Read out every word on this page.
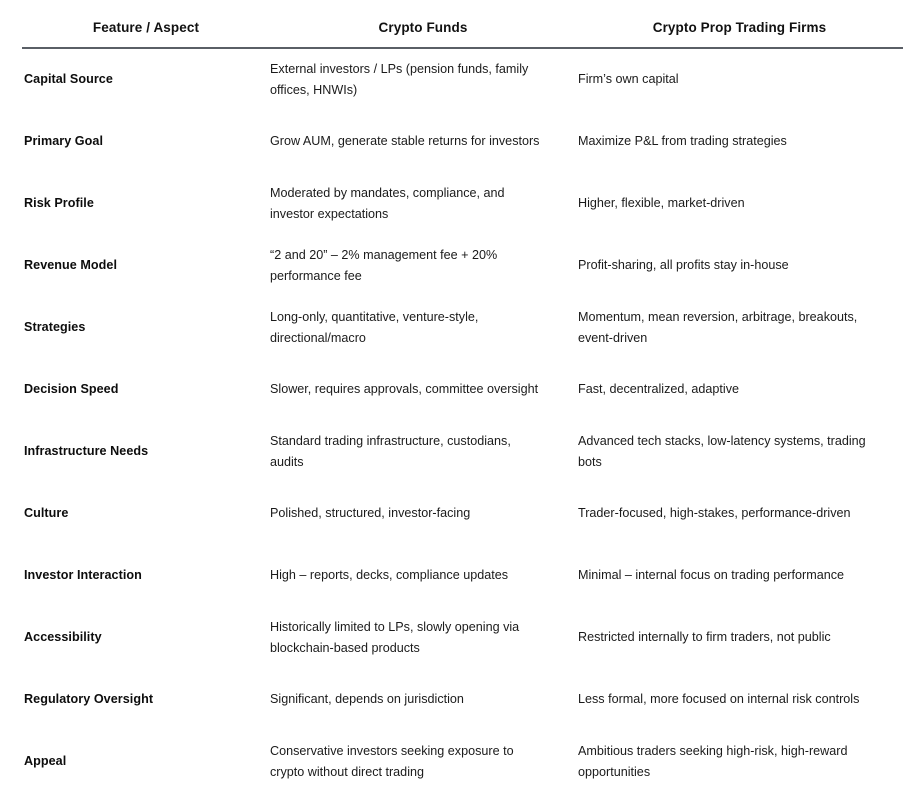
Feature / Aspect	Crypto Funds	Crypto Prop Trading Firms
Capital Source	External investors / LPs (pension funds, family offices, HNWIs)	Firm’s own capital
Primary Goal	Grow AUM, generate stable returns for investors	Maximize P&L from trading strategies
Risk Profile	Moderated by mandates, compliance, and investor expectations	Higher, flexible, market-driven
Revenue Model	“2 and 20” – 2% management fee + 20% performance fee	Profit-sharing, all profits stay in-house
Strategies	Long-only, quantitative, venture-style, directional/macro	Momentum, mean reversion, arbitrage, breakouts, event-driven
Decision Speed	Slower, requires approvals, committee oversight	Fast, decentralized, adaptive
Infrastructure Needs	Standard trading infrastructure, custodians, audits	Advanced tech stacks, low-latency systems, trading bots
Culture	Polished, structured, investor-facing	Trader-focused, high-stakes, performance-driven
Investor Interaction	High – reports, decks, compliance updates	Minimal – internal focus on trading performance
Accessibility	Historically limited to LPs, slowly opening via blockchain-based products	Restricted internally to firm traders, not public
Regulatory Oversight	Significant, depends on jurisdiction	Less formal, more focused on internal risk controls
Appeal	Conservative investors seeking exposure to crypto without direct trading	Ambitious traders seeking high-risk, high-reward opportunities
